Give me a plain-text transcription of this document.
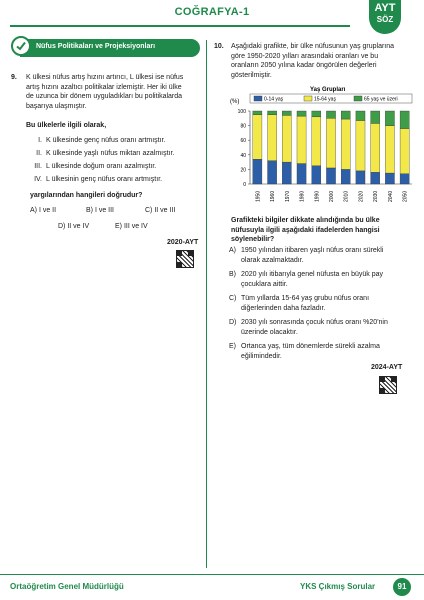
COĞRAFYA-1	AYT
SÖZ
Nüfus Politikaları ve Projeksiyonları
9. K ülkesi nüfus artış hızını artırıcı, L ülkesi ise nüfus
artış hızını azaltıcı politikalar izlemiştir. Her iki ülke
de uzunca bir dönem uyguladıkları bu politikalarda
başarıya ulaşmıştır.
Bu ülkelerle ilgili olarak,
I. K ülkesinde genç nüfus oranı artmıştır.
II. K ülkesinde yaşlı nüfus miktarı azalmıştır.
III. L ülkesinde doğum oranı azalmıştır.
IV. L ülkesinin genç nüfus oranı artmıştır.
yargılarından hangileri doğrudur?
A) I ve II	B) I ve III	C) II ve III
D) II ve IV	E) III ve IV
2020-AYT
10. Aşağıdaki grafikte, bir ülke nüfusunun yaş gruplarına
göre 1950-2020 yılları arasındaki oranları ve bu
oranların 2050 yılına kadar öngörülen değerleri
gösterilmiştir.
Yaş Grupları
(%)	0-14 yaş	15-64 yaş	65 yaş ve üzeri
0
20
40
60
80
100
1950 1960 1970 1980 1990 2000 2010 2020 2030 2040 2050
Grafikteki bilgiler dikkate alındığında bu ülke
nüfusuyla ilgili aşağıdaki ifadelerden hangisi
söylenebilir?
A) 1950 yılından itibaren yaşlı nüfus oranı sürekli
olarak azalmaktadır.
B) 2020 yılı itibarıyla genel nüfusta en büyük pay
çocuklara aittir.
C) Tüm yıllarda 15-64 yaş grubu nüfus oranı
diğerlerinden daha fazladır.
D) 2030 yılı sonrasında çocuk nüfus oranı %20'nin
üzerinde olacaktır.
E) Ortanca yaş, tüm dönemlerde sürekli azalma
eğilimindedir.
2024-AYT
Ortaöğretim Genel Müdürlüğü	YKS Çıkmış Sorular	91
